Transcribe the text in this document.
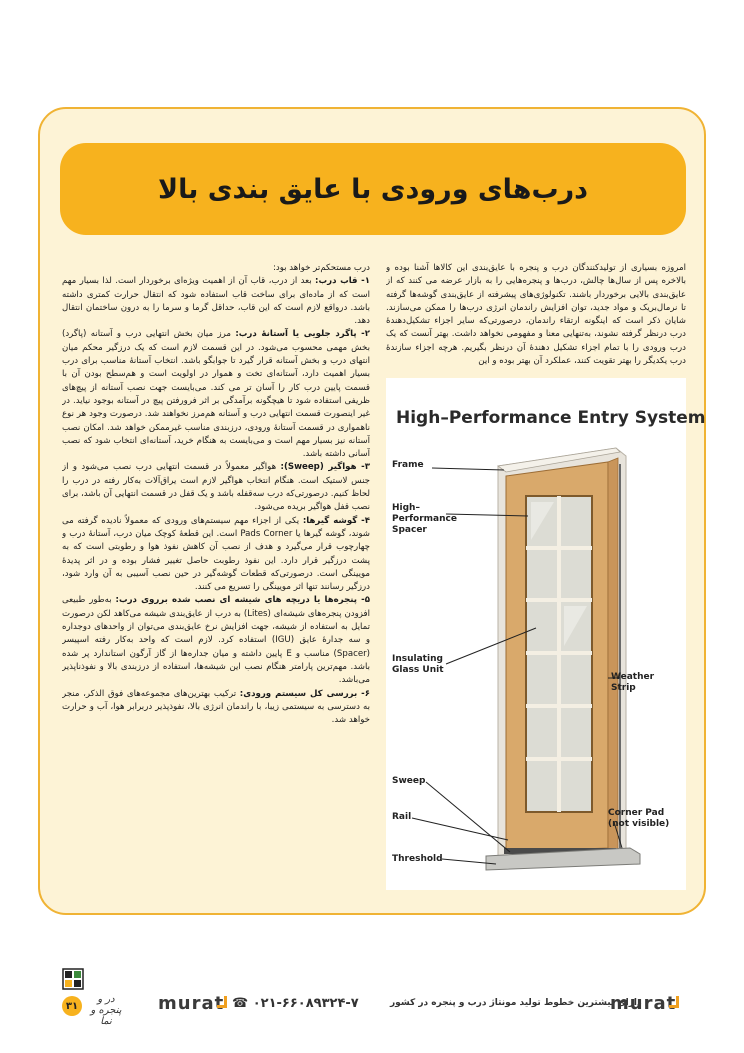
درب‌های ورودی با عایق بندی بالا

امروزه بسیاری از تولیدکنندگان درب و پنجره با عایق‌بندی این کالاها آشنا بوده و بالاخره پس از سال‌ها چالش، درب‌ها و پنجره‌هایی را به بازار عرضه می کنند که از عایق‌بندی بالایی برخوردار باشند. تکنولوژی‌های پیشرفته از عایق‌بندی گوشه‌ها گرفته تا نرمال‌بریک و مواد جدید، توان افزایش راندمان انرژی درب‌ها را ممکن می‌سازند. شایان ذکر است که اینگونه ارتقاء راندمان، درصورتی‌که سایر اجزاء تشکیل‌دهندهٔ درب درنظر گرفته نشوند، به‌تنهایی معنا و مفهومی نخواهد داشت. بهتر آنست که یک درب ورودی را با تمام اجزاء تشکیل دهندهٔ آن درنظر بگیریم. هرچه اجزاء سازندهٔ درب یکدیگر را بهتر تقویت کنند، عملکرد آن بهتر بوده و این

درب مستحکم‌تر خواهد بود:

۱- قاب درب: بعد از درب، قاب آن از اهمیت ویژه‌ای برخوردار است. لذا بسیار مهم است که از ماده‌ای برای ساخت قاب استفاده شود که انتقال حرارت کمتری داشته باشد. درواقع لازم است که این قاب، حداقل گرما و سرما را به درون ساختمان انتقال دهد.

۲- پاگرد جلویی یا آستانهٔ درب: مرز میان بخش انتهایی درب و آستانه (پاگرد) بخش مهمی محسوب می‌شود. در این قسمت لازم است که یک درزگیر محکم میان انتهای درب و بخش آستانه قرار گیرد تا جوابگو باشد. انتخاب آستانهٔ مناسب برای درب بسیار اهمیت دارد، آستانه‌ای تخت و هموار در اولویت است و هم‌سطح بودن آن با قسمت پایین درب کار را آسان تر می کند. می‌بایست جهت نصب آستانه از پیچ‌های ظریفی استفاده شود تا هیچگونه برآمدگی بر اثر فرورفتن پیچ در آستانه بوجود نیاید. در غیر اینصورت قسمت انتهایی درب و آستانه هم‌مرز نخواهند شد. درصورت وجود هر نوع ناهمواری در قسمت آستانهٔ ورودی، درزبندی مناسب غیرممکن خواهد شد. امکان نصب آستانه نیز بسیار مهم است و می‌بایست به هنگام خرید، آستانه‌ای انتخاب شود که نصب آسانی داشته باشد.

۳- هواگیر (Sweep): هواگیر معمولاً در قسمت انتهایی درب نصب می‌شود و از جنس لاستیک است. هنگام انتخاب هواگیر لازم است یراق‌آلات به‌کار رفته در درب را لحاظ کنیم. درصورتی‌که درب سه‌قفله باشد و یک قفل در قسمت انتهایی آن باشد، برای نصب قفل هواگیر بریده می‌شود.

۴- گوشه گیرها: یکی از اجزاء مهم سیستم‌های ورودی که معمولاً نادیده گرفته می شوند، گوشه گیرها یا Pads Corner است. این قطعهٔ کوچک میان درب، آستانهٔ درب و چهارچوب قرار می‌گیرد و هدف از نصب آن کاهش نفوذ هوا و رطوبتی است که به پشت درزگیر قرار دارد. این نفوذ رطوبت حاصل تغییر فشار بوده و در اثر پدیدهٔ مویینگی است. درصورتی‌که قطعات گوشه‌گیر در حین نصب آسیبی به آن وارد شود، درزگیر رسانند تنها اثر مویینگی را تسریع می کنند.

۵- پنجره‌ها یا دریچه های شیشه ای نصب شده برروی درب: به‌طور طبیعی افزودن پنجره‌های شیشه‌ای (Lites) به درب از عایق‌بندی شیشه می‌کاهد لکن درصورت تمایل به استفاده از شیشه، جهت افزایش نرخ عایق‌بندی می‌توان از واحدهای دوجداره و سه جدارهٔ عایق (IGU) استفاده کرد. لازم است که واحد به‌کار رفته اسپیسر (Spacer) مناسب و E پایین داشته و میان جداره‌ها از گاز آرگون استاندارد پر شده باشد. مهم‌ترین پارامتر هنگام نصب این شیشه‌ها، استفاده از درزبندی بالا و نفوذناپذیر می‌باشد.

۶- بررسی کل سیستم ورودی: ترکیب بهترین‌های مجموعه‌های فوق الذکر، منجر به دسترسی به سیستمی زیبا، با راندمان انرژی بالا، نفوذپذیر دربرابر هوا، آب و حرارت خواهد شد.

High–Performance Entry System
Frame
High–
Performance
Spacer
Insulating
Glass Unit
Weather
Strip
Sweep
Rail	Corner Pad
(not visible)
Threshold
۳۱
در و پنجره و نما
murat ☎ ۰۲۱-۶۶۰۸۹۳۲۴-۷	دارای بیشترین خطوط تولید مونتاژ درب و پنجره در کشور
murat
